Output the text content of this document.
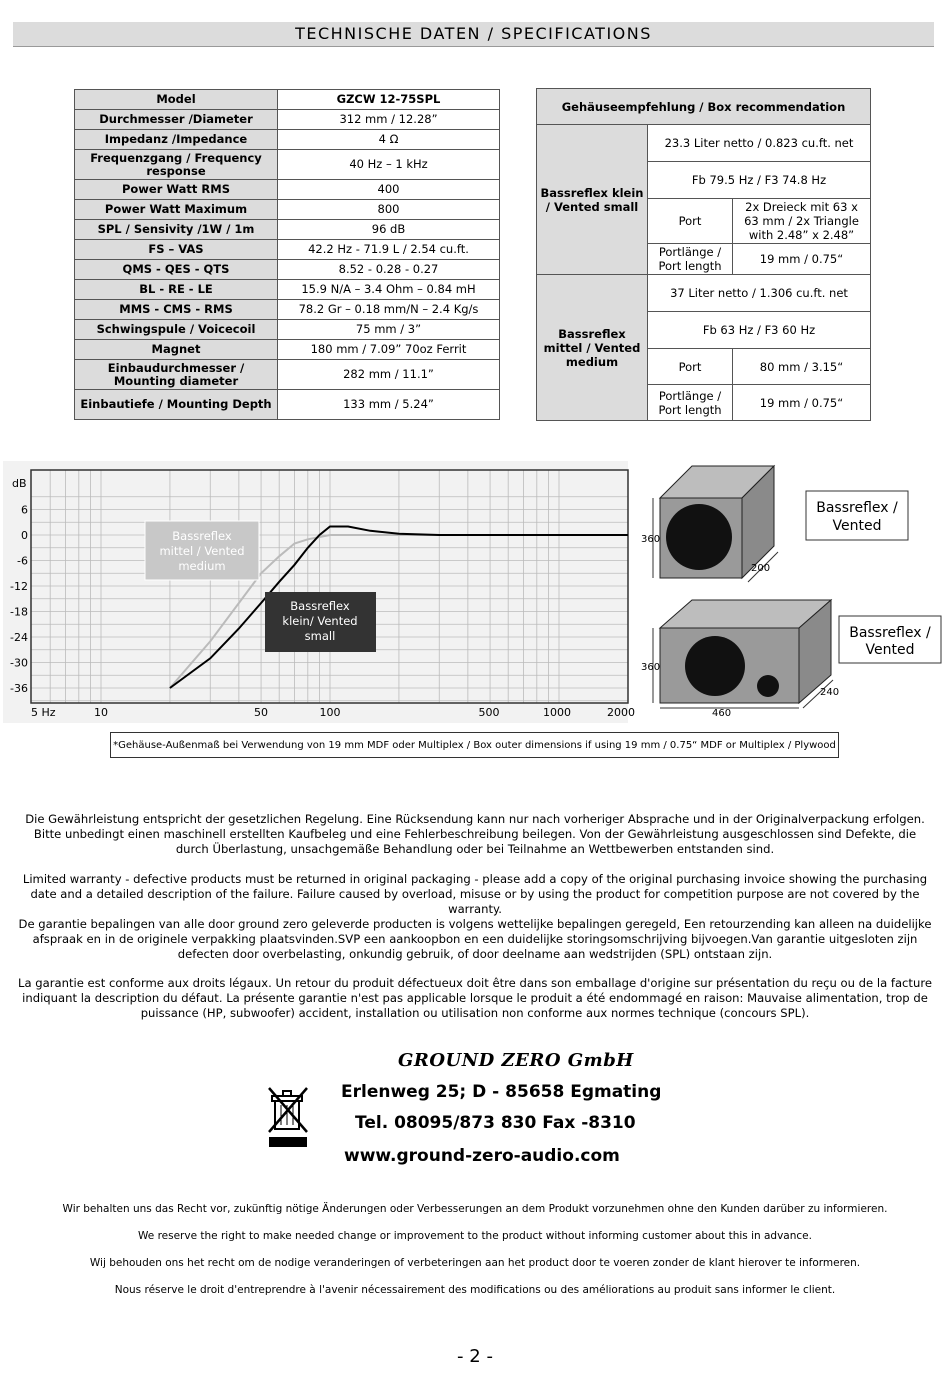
TECHNISCHE DATEN / SPECIFICATIONS
Model	GZCW 12-75SPL
Durchmesser /Diameter	312 mm / 12.28”
Impedanz /Impedance	4 Ω
Frequenzgang / Frequency response	40 Hz – 1 kHz
Power Watt RMS	400
Power Watt Maximum	800
SPL / Sensivity /1W / 1m	96 dB
FS – VAS	42.2 Hz - 71.9 L / 2.54 cu.ft.
QMS - QES - QTS	8.52 - 0.28 - 0.27
BL - RE - LE	15.9 N/A – 3.4 Ohm – 0.84 mH
MMS - CMS - RMS	78.2 Gr – 0.18 mm/N – 2.4 Kg/s
Schwingspule / Voicecoil	75 mm / 3”
Magnet	180 mm / 7.09” 70oz Ferrit
Einbaudurchmesser / Mounting diameter	282 mm / 11.1”
Einbautiefe / Mounting Depth	133 mm / 5.24”
Gehäuseempfehlung / Box recommendation		
Bassreflex klein / Vented small	23.3 Liter netto / 0.823 cu.ft. net	
	Fb 79.5 Hz / F3 74.8 Hz	
	Port	2x Dreieck mit 63 x 63 mm / 2x Triangle with 2.48” x 2.48”
	Portlänge / Port length	19 mm / 0.75“
Bassreflex mittel / Vented medium	37 Liter netto / 1.306 cu.ft. net	
	Fb 63 Hz / F3 60 Hz	
	Port	80 mm / 3.15“
	Portlänge / Port length	19 mm / 0.75“
dB
6
0
-6
-12
-18
-24
-30
-36
5 Hz	10	50	100	500	1000	2000
Bassreflex
mittel / Vented
medium
Bassreflex
klein/ Vented
small
360
200
360
460
240
Bassreflex /
Vented
Bassreflex /
Vented
*Gehäuse-Außenmaß bei Verwendung von 19 mm MDF oder Multiplex / Box outer dimensions if using 19 mm / 0.75“ MDF or Multiplex / Plywood
Die Gewährleistung entspricht der gesetzlichen Regelung. Eine Rücksendung kann nur nach vorheriger Absprache und in der Originalverpackung erfolgen. Bitte unbedingt einen maschinell erstellten Kaufbeleg und eine Fehlerbeschreibung beilegen. Von der Gewährleistung ausgeschlossen sind Defekte, die durch Überlastung, unsachgemäße Behandlung oder bei Teilnahme an Wettbewerben entstanden sind.
Limited warranty - defective products must be returned in original packaging - please add a copy of the original purchasing invoice showing the purchasing date and a detailed description of the failure. Failure caused by overload, misuse or by using the product for competition purpose are not covered by the warranty.
De garantie bepalingen van alle door ground zero geleverde producten is volgens wettelijke bepalingen geregeld, Een retourzending kan alleen na duidelijke afspraak en in de originele verpakking plaatsvinden.SVP een aankoopbon en een duidelijke storingsomschrijving bijvoegen.Van garantie uitgesloten zijn defecten door overbelasting, onkundig gebruik, of door deelname aan wedstrijden (SPL) ontstaan zijn.
La garantie est conforme aux droits légaux. Un retour du produit défectueux doit être dans son emballage d'origine sur présentation du reçu ou de la facture indiquant la description du défaut. La présente garantie n'est pas applicable lorsque le produit a été endommagé en raison: Mauvaise alimentation, trop de puissance (HP, subwoofer) accident, installation ou utilisation non conforme aux normes technique (concours SPL).
GROUND ZERO GmbH
Erlenweg 25; D - 85658 Egmating
Tel. 08095/873 830 Fax -8310
www.ground-zero-audio.com
Wir behalten uns das Recht vor, zukünftig nötige Änderungen oder Verbesserungen an dem Produkt vorzunehmen ohne den Kunden darüber zu informieren.
We reserve the right to make needed change or improvement to the product without informing customer about this in advance.
Wij behouden ons het recht om de nodige veranderingen of verbeteringen aan het product door te voeren zonder de klant hierover te informeren.
Nous réserve le droit d'entreprendre à l'avenir nécessairement des modifications ou des améliorations au produit sans informer le client.
- 2 -
